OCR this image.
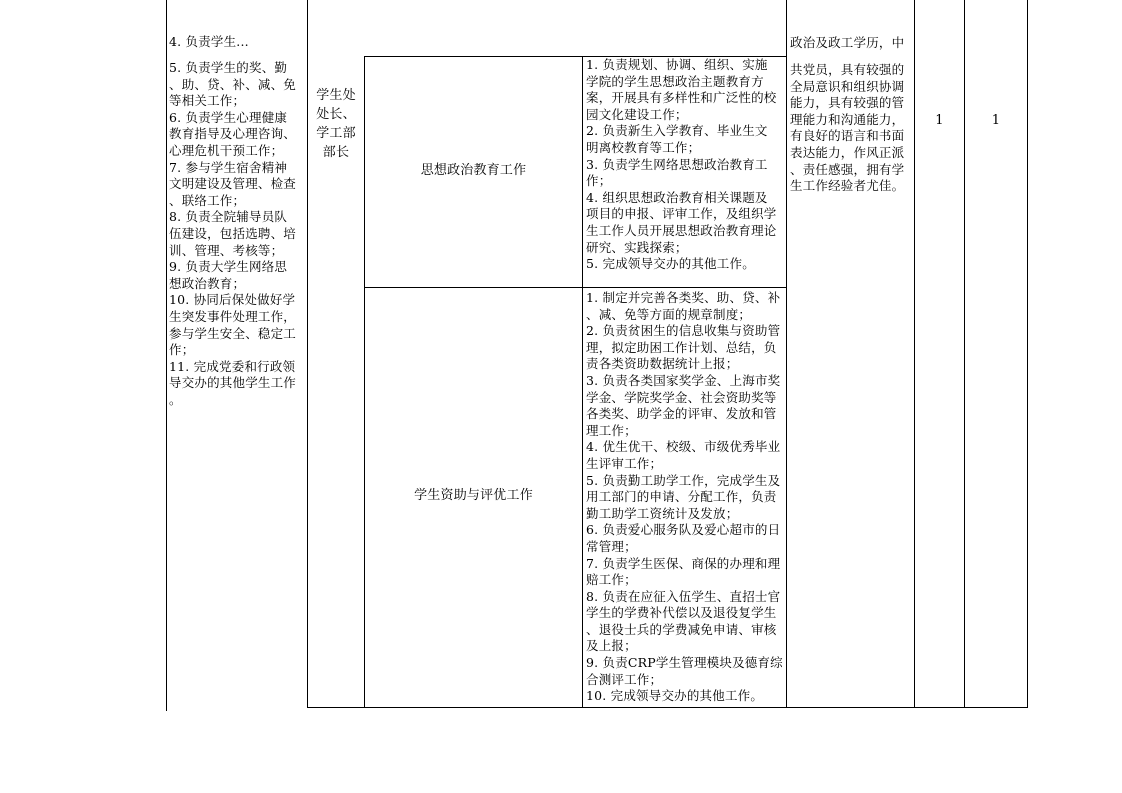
4. 负责学生...
5. 负责学生的奖、勤
、助、贷、补、减、免
等相关工作；
6. 负责学生心理健康
教育指导及心理咨询、
心理危机干预工作；
7. 参与学生宿舍精神
文明建设及管理、检查
、联络工作；
8. 负责全院辅导员队
伍建设，包括选聘、培
训、管理、考核等；
9. 负责大学生网络思
想政治教育；
10. 协同后保处做好学
生突发事件处理工作，
参与学生安全、稳定工
作；
11. 完成党委和行政领
导交办的其他学生工作
。
学生处
处长、
学工部
部长
思想政治教育工作
学生资助与评优工作
1. 负责规划、协调、组织、实施
学院的学生思想政治主题教育方
案，开展具有多样性和广泛性的校
园文化建设工作；
2. 负责新生入学教育、毕业生文
明离校教育等工作；
3. 负责学生网络思想政治教育工
作；
4. 组织思想政治教育相关课题及
项目的申报、评审工作，及组织学
生工作人员开展思想政治教育理论
研究、实践探索；
5. 完成领导交办的其他工作。
1. 制定并完善各类奖、助、贷、补
、减、免等方面的规章制度；
2. 负责贫困生的信息收集与资助管
理，拟定助困工作计划、总结，负
责各类资助数据统计上报；
3. 负责各类国家奖学金、上海市奖
学金、学院奖学金、社会资助奖等
各类奖、助学金的评审、发放和管
理工作；
4. 优生优干、校级、市级优秀毕业
生评审工作；
5. 负责勤工助学工作，完成学生及
用工部门的申请、分配工作，负责
勤工助学工资统计及发放；
6. 负责爱心服务队及爱心超市的日
常管理；
7. 负责学生医保、商保的办理和理
赔工作；
8. 负责在应征入伍学生、直招士官
学生的学费补代偿以及退役复学生
、退役士兵的学费减免申请、审核
及上报；
9. 负责CRP学生管理模块及德育综
合测评工作；
10. 完成领导交办的其他工作。
政治及政工学历，中
共党员，具有较强的
全局意识和组织协调
能力，具有较强的管
理能力和沟通能力，
有良好的语言和书面
表达能力，作风正派
、责任感强，拥有学
生工作经验者尤佳。
1	1
